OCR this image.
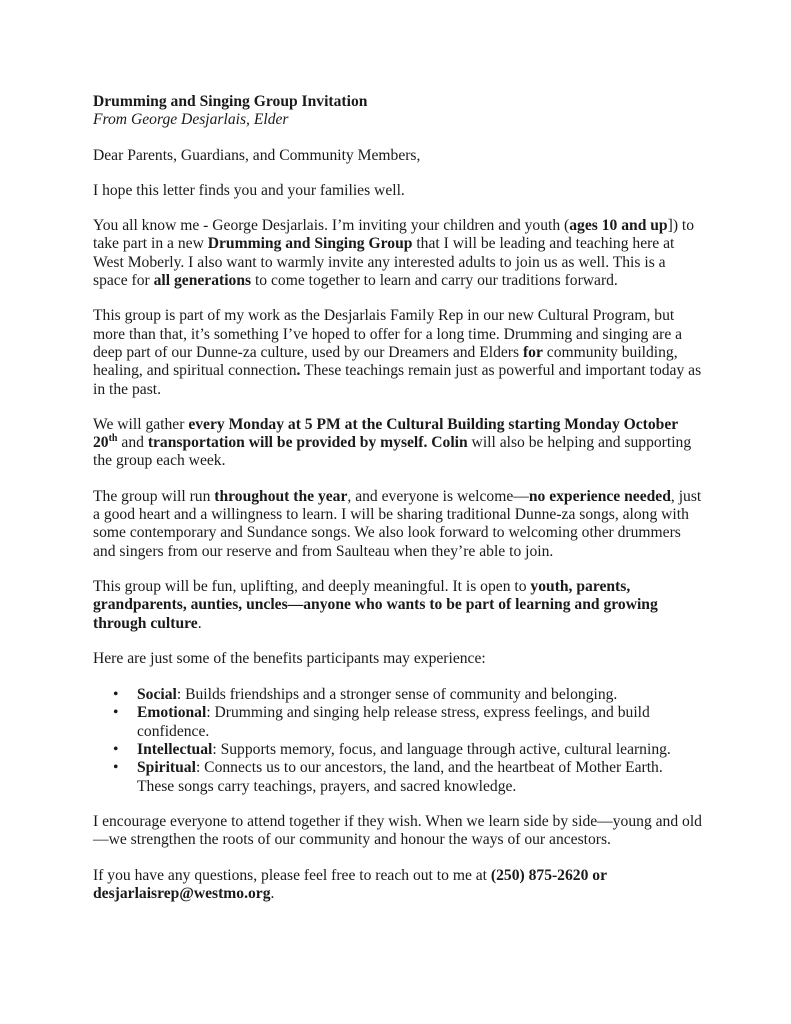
Drumming and Singing Group Invitation

From George Desjarlais, Elder

Dear Parents, Guardians, and Community Members,

I hope this letter finds you and your families well.

You all know me - George Desjarlais. I’m inviting your children and youth (ages 10 and up]) to take part in a new Drumming and Singing Group that I will be leading and teaching here at West Moberly. I also want to warmly invite any interested adults to join us as well. This is a space for all generations to come together to learn and carry our traditions forward.

This group is part of my work as the Desjarlais Family Rep in our new Cultural Program, but more than that, it’s something I’ve hoped to offer for a long time. Drumming and singing are a deep part of our Dunne-za culture, used by our Dreamers and Elders for community building, healing, and spiritual connection. These teachings remain just as powerful and important today as in the past.

We will gather every Monday at 5 PM at the Cultural Building starting Monday October 20th and transportation will be provided by myself. Colin will also be helping and supporting the group each week.

The group will run throughout the year, and everyone is welcome—no experience needed, just a good heart and a willingness to learn. I will be sharing traditional Dunne-za songs, along with some contemporary and Sundance songs. We also look forward to welcoming other drummers and singers from our reserve and from Saulteau when they’re able to join.

This group will be fun, uplifting, and deeply meaningful. It is open to youth, parents, grandparents, aunties, uncles—anyone who wants to be part of learning and growing through culture.

Here are just some of the benefits participants may experience:

• Social: Builds friendships and a stronger sense of community and belonging.
• Emotional: Drumming and singing help release stress, express feelings, and build confidence.
• Intellectual: Supports memory, focus, and language through active, cultural learning.
• Spiritual: Connects us to our ancestors, the land, and the heartbeat of Mother Earth. These songs carry teachings, prayers, and sacred knowledge.

I encourage everyone to attend together if they wish. When we learn side by side—young and old—we strengthen the roots of our community and honour the ways of our ancestors.

If you have any questions, please feel free to reach out to me at (250) 875-2620 or desjarlaisrep@westmo.org.
